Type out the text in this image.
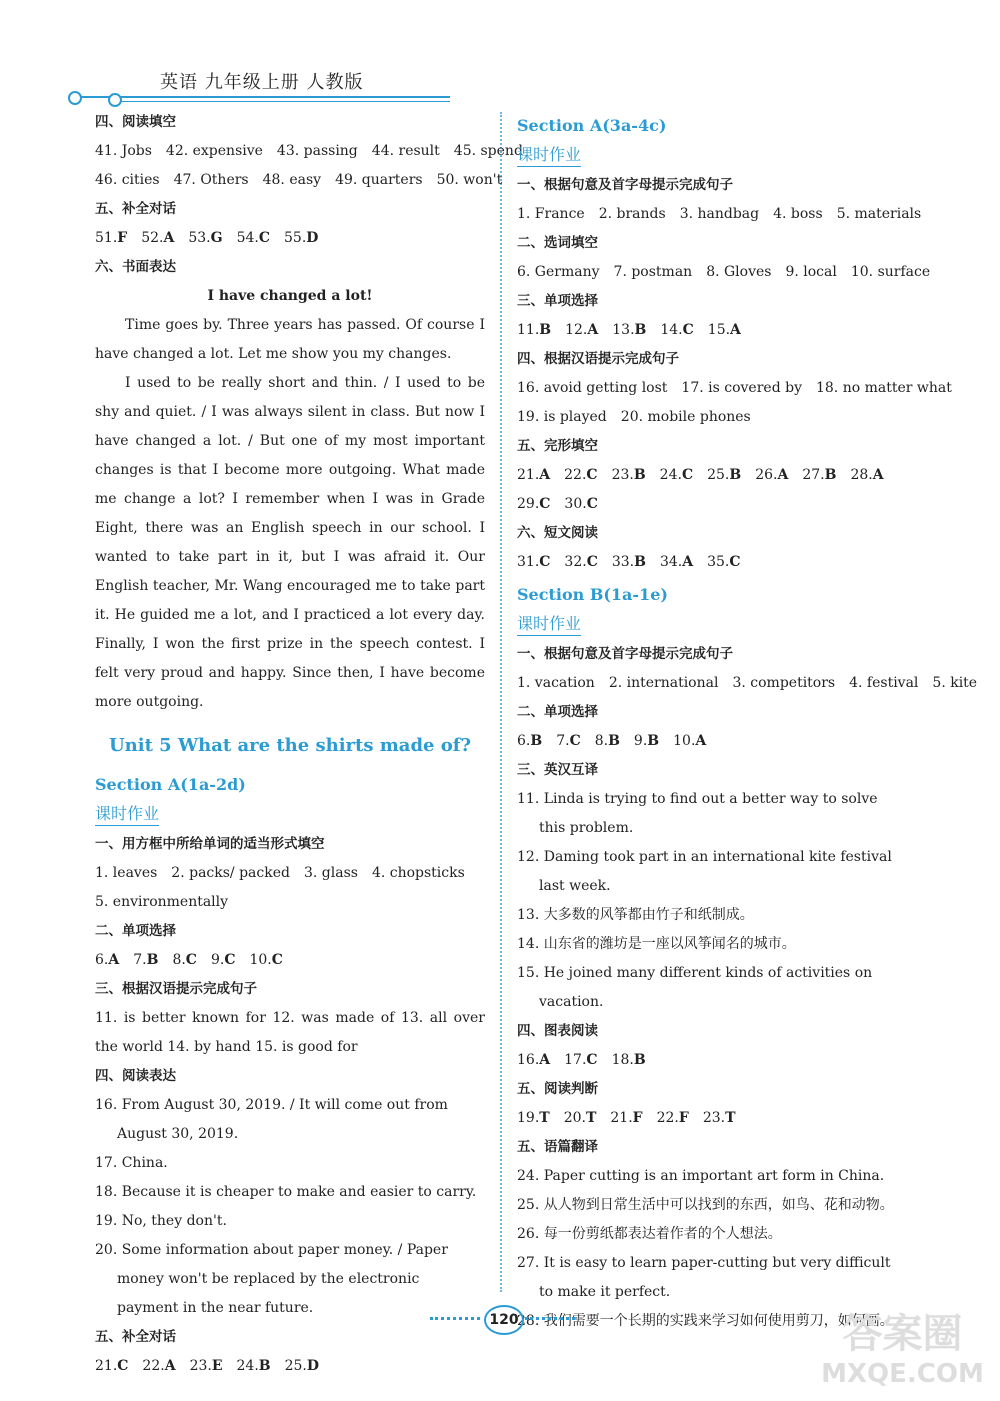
英语 九年级上册 人教版
四、阅读填空
41. Jobs 42. expensive 43. passing 44. result 45. spend
46. cities 47. Others 48. easy 49. quarters 50. won't
五、补全对话
51.F 52.A 53.G 54.C 55.D
六、书面表达
I have changed a lot!
Time goes by. Three years has passed. Of course I have changed a lot. Let me show you my changes.
I used to be really short and thin. / I used to be shy and quiet. / I was always silent in class. But now I have changed a lot. / But one of my most important changes is that I become more outgoing. What made me change a lot? I remember when I was in Grade Eight, there was an English speech in our school. I wanted to take part in it, but I was afraid it. Our English teacher, Mr. Wang encouraged me to take part it. He guided me a lot, and I practiced a lot every day. Finally, I won the first prize in the speech contest. I felt very proud and happy. Since then, I have become more outgoing.
Unit 5 What are the shirts made of?
Section A(1a-2d)
课时作业
一、用方框中所给单词的适当形式填空
1. leaves 2. packs/ packed 3. glass 4. chopsticks
5. environmentally
二、单项选择
6.A 7.B 8.C 9.C 10.C
三、根据汉语提示完成句子
11. is better known for 12. was made of 13. all over the world 14. by hand 15. is good for
四、阅读表达
16. From August 30, 2019. / It will come out from August 30, 2019.
17. China.
18. Because it is cheaper to make and easier to carry.
19. No, they don't.
20. Some information about paper money. / Paper money won't be replaced by the electronic payment in the near future.
五、补全对话
21.C 22.A 23.E 24.B 25.D
Section A(3a-4c)
课时作业
一、根据句意及首字母提示完成句子
1. France 2. brands 3. handbag 4. boss 5. materials
二、选词填空
6. Germany 7. postman 8. Gloves 9. local 10. surface
三、单项选择
11.B 12.A 13.B 14.C 15.A
四、根据汉语提示完成句子
16. avoid getting lost 17. is covered by 18. no matter what
19. is played 20. mobile phones
五、完形填空
21.A 22.C 23.B 24.C 25.B 26.A 27.B 28.A
29.C 30.C
六、短文阅读
31.C 32.C 33.B 34.A 35.C
Section B(1a-1e)
课时作业
一、根据句意及首字母提示完成句子
1. vacation 2. international 3. competitors 4. festival 5. kite
二、单项选择
6.B 7.C 8.B 9.B 10.A
三、英汉互译
11. Linda is trying to find out a better way to solve this problem.
12. Daming took part in an international kite festival last week.
13. 大多数的风筝都由竹子和纸制成。
14. 山东省的潍坊是一座以风筝闻名的城市。
15. He joined many different kinds of activities on vacation.
四、图表阅读
16.A 17.C 18.B
五、阅读判断
19.T 20.T 21.F 22.F 23.T
五、语篇翻译
24. Paper cutting is an important art form in China.
25. 从人物到日常生活中可以找到的东西，如鸟、花和动物。
26. 每一份剪纸都表达着作者的个人想法。
27. It is easy to learn paper-cutting but very difficult to make it perfect.
28. 我们需要一个长期的实践来学习如何使用剪刀，如何画。
120	答案圈
MXQE.COM
